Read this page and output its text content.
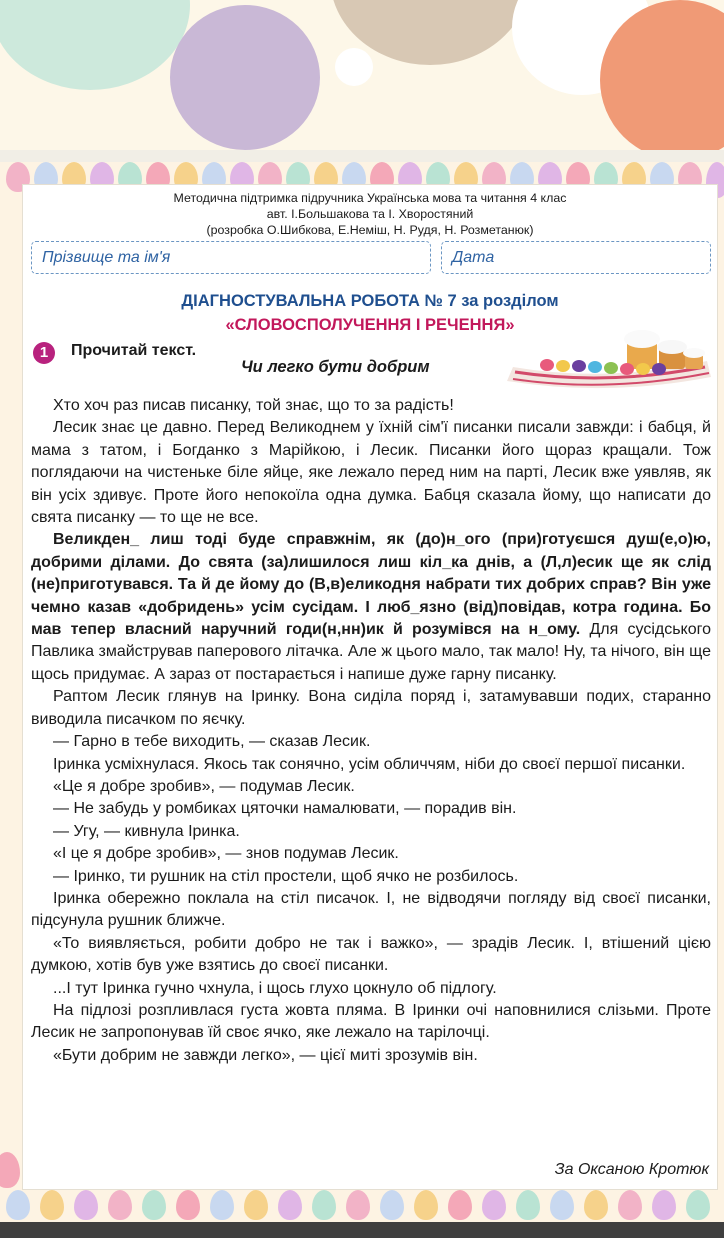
Методична підтримка підручника Українська мова та читання 4 клас
авт. І.Большакова та І. Хворостяний
(розробка О.Шибкова, Е.Неміш, Н. Рудя, Н. Розметанюк)
Прізвище та ім'я	Дата
ДІАГНОСТУВАЛЬНА РОБОТА № 7 за розділом
«СЛОВОСПОЛУЧЕННЯ І РЕЧЕННЯ»
1	Прочитай текст.
Чи легко бути добрим

Хто хоч раз писав писанку, той знає, що то за радість!

Лесик знає це давно. Перед Великоднем у їхній сім'ї писанки писали завжди: і бабця, й мама з татом, і Богданко з Марійкою, і Лесик. Писанки його щораз кращали. Тож поглядаючи на чистеньке біле яйце, яке лежало перед ним на парті, Лесик вже уявляв, як він усіх здивує. Проте його непокоїла одна думка. Бабця сказала йому, що написати до свята писанку — то ще не все.

Великден_ лиш тоді буде справжнім, як (до)н_ого (при)готуєшся душ(е,о)ю, добрими ділами. До свята (за)лишилося лиш кіл_ка днів, а (Л,л)есик ще як слід (не)приготувався. Та й де йому до (В,в)еликодня набрати тих добрих справ? Він уже чемно казав «добридень» усім сусідам. І люб_язно (від)повідав, котра година. Бо мав тепер власний наручний годи(н,нн)ик й розумівся на н_ому. Для сусідського Павлика змайстрував паперового літачка. Але ж цього мало, так мало! Ну, та нічого, він ще щось придумає. А зараз от постарається і напише дуже гарну писанку.

Раптом Лесик глянув на Іринку. Вона сиділа поряд і, затамувавши подих, старанно виводила писачком по яєчку.

— Гарно в тебе виходить, — сказав Лесик.

Іринка усміхнулася. Якось так сонячно, усім обличчям, ніби до своєї першої писанки.

«Це я добре зробив», — подумав Лесик.

— Не забудь у ромбиках цяточки намалювати, — порадив він.

— Угу, — кивнула Іринка.

«І це я добре зробив», — знов подумав Лесик.

— Іринко, ти рушник на стіл простели, щоб ячко не розбилось.

Іринка обережно поклала на стіл писачок. І, не відводячи погляду від своєї писанки, підсунула рушник ближче.

«То виявляється, робити добро не так і важко», — зрадів Лесик. І, втішений цією думкою, хотів був уже взятись до своєї писанки.

...І тут Іринка гучно чхнула, і щось глухо цокнуло об підлогу.

На підлозі розпливлася густа жовта пляма. В Іринки очі наповнилися слізьми. Проте Лесик не запропонував їй своє ячко, яке лежало на тарілочці.

«Бути добрим не завжди легко», — цієї миті зрозумів він.

За Оксаною Кротюк
